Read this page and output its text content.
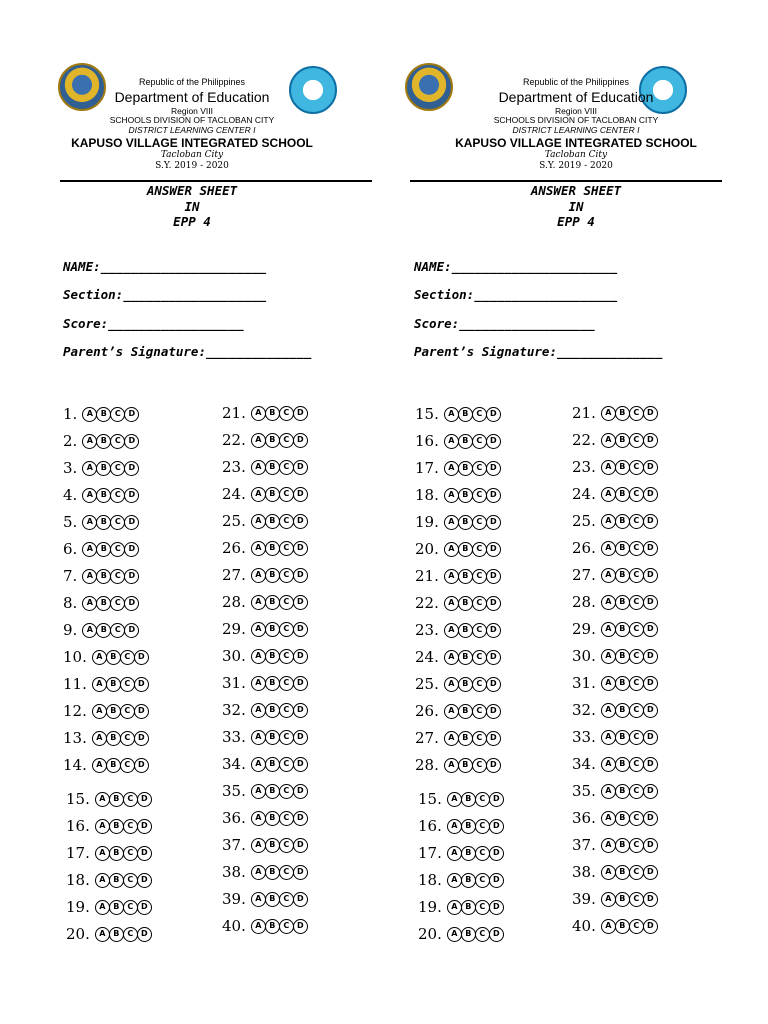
Republic of the Philippines
Department of Education
Region VIII
SCHOOLS DIVISION OF TACLOBAN CITY
DISTRICT LEARNING CENTER I
KAPUSO VILLAGE INTEGRATED SCHOOL
Tacloban City
S.Y. 2019 - 2020
ANSWER SHEET
IN
EPP 4
NAME:______________________
Section:___________________
Score:__________________
Parent’s Signature:______________
1.	A B	C D
2.	A B	C D
3.	A B	C D
4.	A B	C D
5.	A B	C D
6.	A B	C D
7.	A B	C D
8.	A B	C D
9.	A B	C D
10.	A B	C D
11.	A B	C D
12.	A B	C D
13.	A B	C D
14.	A B	C D
15.	A B	C D
16.	A B	C D
17.	A B	C D
18.	A B	C D
19.	A B	C D
20.	A B	C D
21.	A B	C D
22.	A B	C D
23.	A B	C D
24.	A B	C D
25.	A B	C D
26.	A B	C D
27.	A B	C D
28.	A B	C D
29.	A B	C D
30.	A B	C D
31.	A B	C D
32.	A B	C D
33.	A B	C D
34.	A B	C D
35.	A B	C D
36.	A B	C D
37.	A B	C D
38.	A B	C D
39.	A B	C D
40.	A B	C D
Republic of the Philippines
Department of Education
Region VIII
SCHOOLS DIVISION OF TACLOBAN CITY
DISTRICT LEARNING CENTER I
KAPUSO VILLAGE INTEGRATED SCHOOL
Tacloban City
S.Y. 2019 - 2020
ANSWER SHEET
IN
EPP 4
NAME:______________________
Section:___________________
Score:__________________
Parent’s Signature:______________
15.	A B	C D
16.	A B	C D
17.	A B	C D
18.	A B	C D
19.	A B	C D
20.	A B	C D
21.	A B	C D
22.	A B	C D
23.	A B	C D
24.	A B	C D
25.	A B	C D
26.	A B	C D
27.	A B	C D
28.	A B	C D
15.	A B	C D
16.	A B	C D
17.	A B	C D
18.	A B	C D
19.	A B	C D
20.	A B	C D
21.	A B	C D
22.	A B	C D
23.	A B	C D
24.	A B	C D
25.	A B	C D
26.	A B	C D
27.	A B	C D
28.	A B	C D
29.	A B	C D
30.	A B	C D
31.	A B	C D
32.	A B	C D
33.	A B	C D
34.	A B	C D
35.	A B	C D
36.	A B	C D
37.	A B	C D
38.	A B	C D
39.	A B	C D
40.	A B	C D
